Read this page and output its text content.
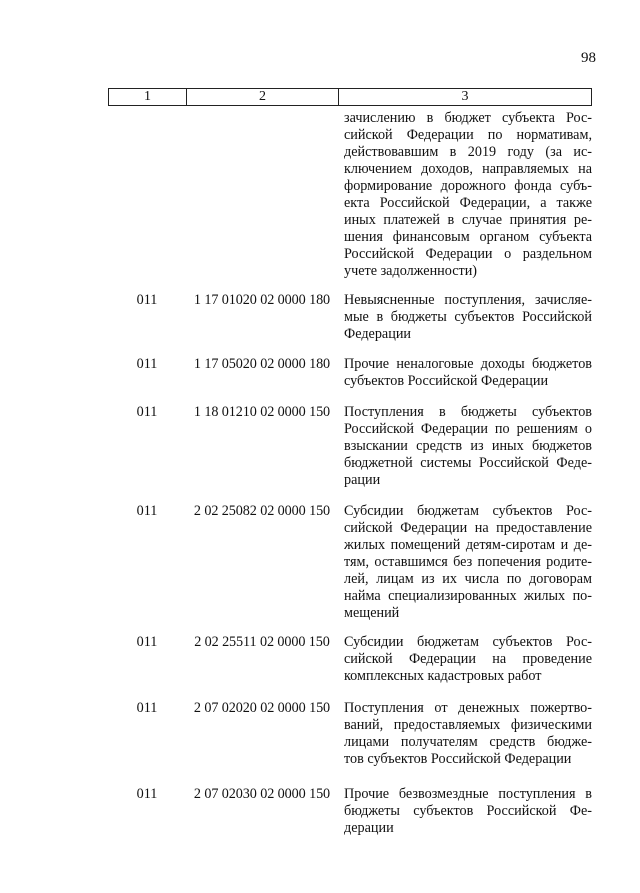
98
1	2	3
зачислению в бюджет субъекта Рос-
сийской Федерации по нормативам,
действовавшим в 2019 году (за ис-
ключением доходов, направляемых на
формирование дорожного фонда субъ-
екта Российской Федерации, а также
иных платежей в случае принятия ре-
шения финансовым органом субъекта
Российской Федерации о раздельном
учете задолженности)
011	1 17 01020 02 0000 180 Невыясненные поступления, зачисляе-
мые в бюджеты субъектов Российской
Федерации
011	1 17 05020 02 0000 180 Прочие неналоговые доходы бюджетов
субъектов Российской Федерации
011	1 18 01210 02 0000 150 Поступления в бюджеты субъектов
Российской Федерации по решениям о
взыскании средств из иных бюджетов
бюджетной системы Российской Феде-
рации
011	2 02 25082 02 0000 150 Субсидии бюджетам субъектов Рос-
сийской Федерации на предоставление
жилых помещений детям-сиротам и де-
тям, оставшимся без попечения родите-
лей, лицам из их числа по договорам
найма специализированных жилых по-
мещений
011	2 02 25511 02 0000 150	Субсидии бюджетам субъектов Рос-
сийской Федерации на проведение
комплексных кадастровых работ
011	2 07 02020 02 0000 150 Поступления от денежных пожертво-
ваний, предоставляемых физическими
лицами получателям средств бюдже-
тов субъектов Российской Федерации
011	2 07 02030 02 0000 150 Прочие безвозмездные поступления в
бюджеты субъектов Российской Фе-
дерации
